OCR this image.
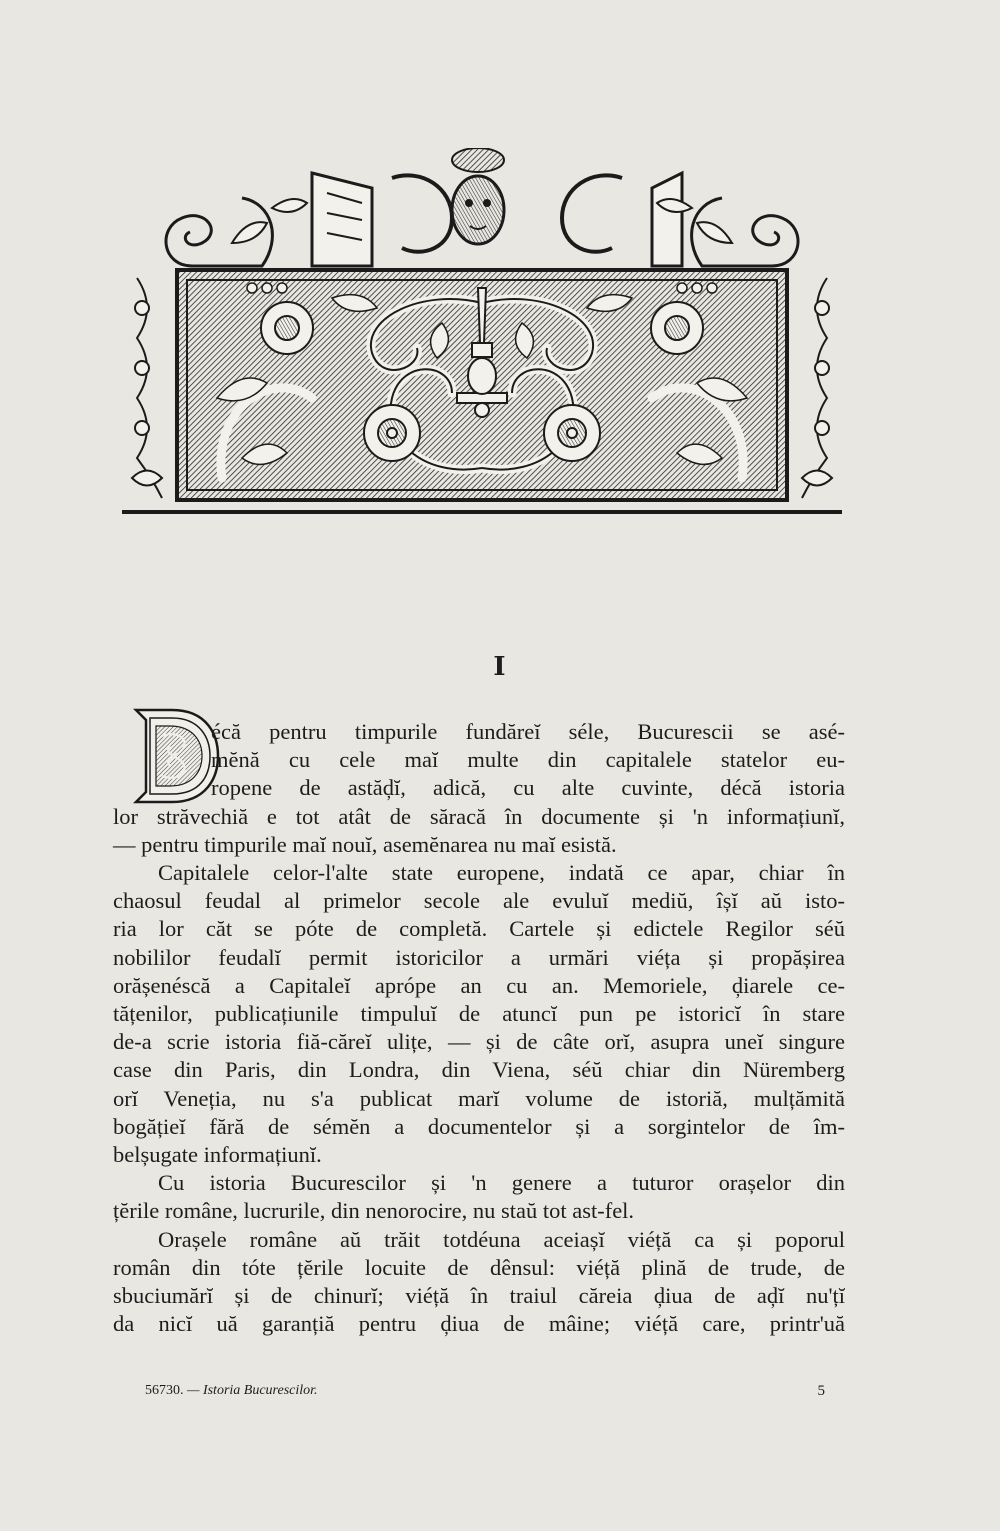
I

écă pentru timpurile fundăreĭ séle, Bucurescii se asé-
mĕnă cu cele maĭ multe din capitalele statelor eu-
ropene de astăḑĭ, adică, cu alte cuvinte, décă istoria

lor străvechiă e tot atât de săracă în documente și 'n informațiunĭ,
— pentru timpurile maĭ nouĭ, asemĕnarea nu maĭ esistă.

Capitalele celor-l'alte state europene, indată ce apar, chiar în
chaosul feudal al primelor secole ale evuluĭ mediŭ, îșĭ aŭ isto-
ria lor căt se póte de completă. Cartele și edictele Regilor séŭ
nobililor feudalĭ permit istoricilor a urmări viéța și propășirea
orășenéscă a Capitaleĭ aprópe an cu an. Memoriele, ḑiarele ce-
tățenilor, publicațiunile timpuluĭ de atuncĭ pun pe istoricĭ în stare
de-a scrie istoria fiă-căreĭ ulițe, — și de câte orĭ, asupra uneĭ singure
case din Paris, din Londra, din Viena, séŭ chiar din Nüremberg
orĭ Veneția, nu s'a publicat marĭ volume de istoriă, mulțămită
bogățieĭ fără de sémĕn a documentelor și a sorgintelor de îm-
belșugate informațiunĭ.

Cu istoria Bucurescilor și 'n genere a tuturor orașelor din
țĕrile române, lucrurile, din nenorocire, nu staŭ tot ast-fel.

Orașele române aŭ trăit totdéuna aceiașĭ viéță ca și poporul
român din tóte țĕrile locuite de dênsul: viéță plină de trude, de
sbuciumărĭ și de chinurĭ; viéță în traiul căreia ḑiua de aḑĭ nu'țĭ
da nicĭ uă garanțiă pentru ḑiua de mâine; viéță care, printr'uă

56730. — Istoria Bucurescilor.	5
